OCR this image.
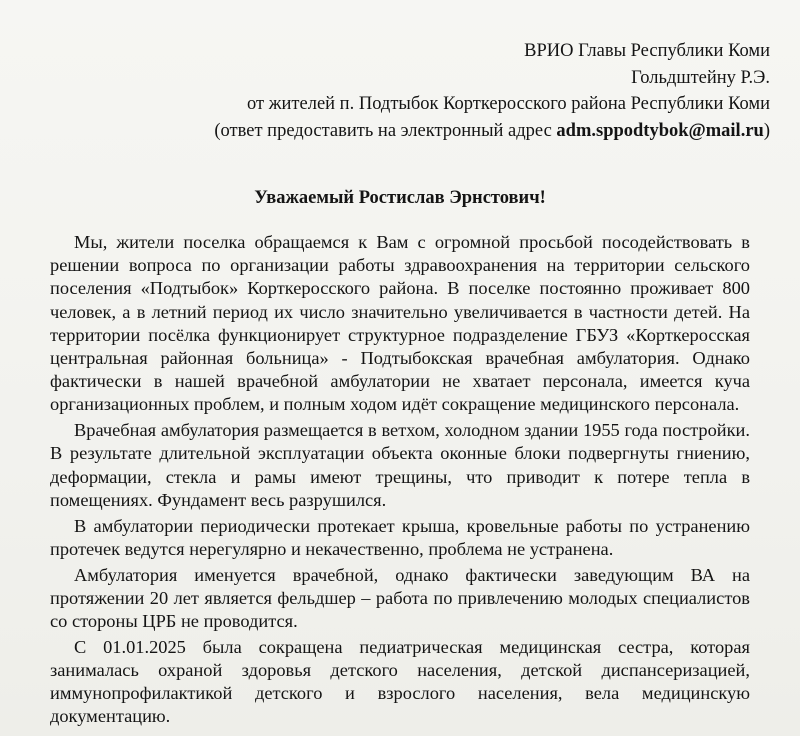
ВРИО Главы Республики Коми
Гольдштейну Р.Э.
от жителей п. Подтыбок Корткеросского района Республики Коми
(ответ предоставить на электронный адрес adm.sppodtybok@mail.ru)
Уважаемый Ростислав Эрнстович!

Мы, жители поселка обращаемся к Вам с огромной просьбой посодействовать в решении вопроса по организации работы здравоохранения на территории сельского поселения «Подтыбок» Корткеросского района. В поселке постоянно проживает 800 человек, а в летний период их число значительно увеличивается в частности детей. На территории посёлка функционирует структурное подразделение ГБУЗ «Корткеросская центральная районная больница» - Подтыбокская врачебная амбулатория. Однако фактически в нашей врачебной амбулатории не хватает персонала, имеется куча организационных проблем, и полным ходом идёт сокращение медицинского персонала.

Врачебная амбулатория размещается в ветхом, холодном здании 1955 года постройки. В результате длительной эксплуатации объекта оконные блоки подвергнуты гниению, деформации, стекла и рамы имеют трещины, что приводит к потере тепла в помещениях. Фундамент весь разрушился.

В амбулатории периодически протекает крыша, кровельные работы по устранению протечек ведутся нерегулярно и некачественно, проблема не устранена.

Амбулатория именуется врачебной, однако фактически заведующим ВА на протяжении 20 лет является фельдшер – работа по привлечению молодых специалистов со стороны ЦРБ не проводится.

С 01.01.2025 была сокращена педиатрическая медицинская сестра, которая занималась охраной здоровья детского населения, детской диспансеризацией, иммунопрофилактикой детского и взрослого населения, вела медицинскую документацию.
